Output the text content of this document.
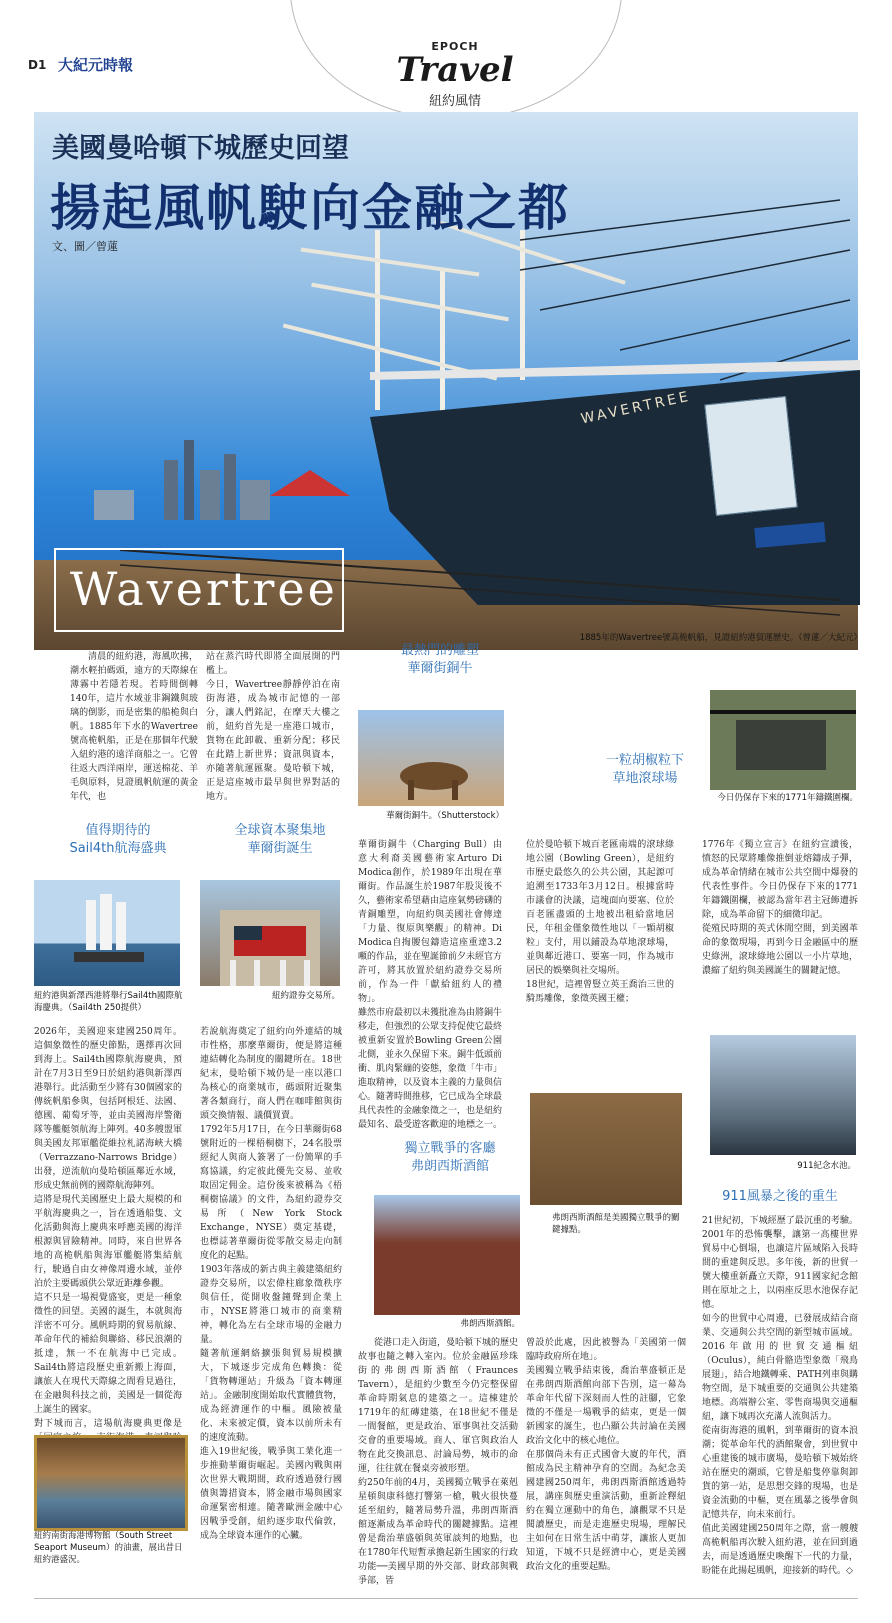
D1 大紀元時報
EPOCH
Travel
紐約風情
WAVERTREE
Wavertree
美國曼哈頓下城歷史回望
揚起風帆駛向金融之都
文、圖／曾蓮
1885年的Wavertree號高桅帆船，見證紐約港貿運歷史。（曾蓮／大紀元）
清晨的紐約港，海風吹拂，潮水輕拍碼頭，遠方的天際線在薄霧中若隱若現。若時間倒轉140年，這片水域並非鋼鐵與玻璃的倒影，而是密集的船桅與白帆。1885年下水的Wavertree號高桅帆船，正是在那個年代駛入紐約港的遠洋商船之一。它曾往返大西洋兩岸，運送棉花、羊毛與原料，見證風帆航運的黃金年代，也
站在蒸汽時代即將全面展開的門檻上。
今日，Wavertree靜靜停泊在南街海港，成為城市記憶的一部分，讓人們銘記，在摩天大樓之前，紐約首先是一座港口城市，貨物在此卸載、重新分配；移民在此踏上新世界；資訊與資本，亦隨著航運匯聚。曼哈頓下城，正是這座城市最早與世界對話的地方。
值得期待的
Sail4th航海盛典
紐約港與新澤西港將舉行Sail4th國際航海慶典。（Sail4th 250提供）
2026年，美國迎來建國250周年。這個象徵性的歷史節點，選擇再次回到海上。Sail4th國際航海慶典，預計在7月3日至9日於紐約港與新澤西港舉行。此活動至少將有30個國家的傳統帆船參與，包括阿根廷、法國、德國、葡萄牙等，並由美國海岸警衛隊等艦艇領航海上陣列。40多艘盟軍與美國友邦軍艦從維拉札諾海峽大橋（Verrazzano-Narrows Bridge）出發，逆流航向曼哈頓區鄰近水域，形成史無前例的國際航海陣列。
這將是現代美國歷史上最大規模的和平航海慶典之一，旨在透過船隻、文化活動與海上慶典來呼應美國的海洋根源與冒險精神。同時，來自世界各地的高桅帆船與海軍艦艇將集結航行，駛過自由女神像周邊水域，並停泊於主要碼頭供公眾近距離參觀。
這不只是一場視覺盛宴，更是一種象徵性的回望。美國的誕生，本就與海洋密不可分。風帆時期的貿易航線、革命年代的補給與聯絡、移民浪潮的抵達，無一不在航海中已完成。Sail4th將這段歷史重新搬上海面，讓旅人在現代天際線之間看見過往，在金融與科技之前，美國是一個從海上誕生的國家。
對下城而言，這場航海慶典更像是
紐約南街海港博物館（South Street Seaport Museum）的油畫，展出昔日紐約港盛況。
全球資本聚集地
華爾街誕生
紐約證券交易所。
若說航海奠定了紐約向外連結的城市性格，那麼華爾街，便是將這種連結轉化為制度的關鍵所在。18世紀末，曼哈頓下城仍是一座以港口為核心的商業城市，碼頭附近聚集著各類商行，商人們在咖啡館與街頭交換情報、議價買賣。
1792年5月17日，在今日華爾街68號附近的一棵梧桐樹下，24名股票經紀人與商人簽署了一份簡單的手寫協議，約定彼此優先交易、並收取固定佣金。這份後來被稱為《梧桐樹協議》的文件，為紐約證券交易所（New York Stock Exchange，NYSE）奠定基礎，也標誌著華爾街從零散交易走向制度化的起點。
1903年落成的新古典主義建築紐約證券交易所，以宏偉柱廊象徵秩序與信任，從開收盤鐘聲到企業上市，NYSE將港口城市的商業精神，轉化為左右全球市場的金融力量。
隨著航運網絡擴張與貿易規模擴大，下城逐步完成角色轉換：從「貨物轉運站」升級為「資本轉運站」。金融制度開始取代實體貨物，成為經濟運作的中樞。風險被量化、未來被定價，資本以前所未有的速度流動。
進入19世紀後，戰爭與工業化進一步推動華爾街崛起。美國內戰與兩次世界大戰期間，政府透過發行國債與籌措資本，將金融市場與國家命運緊密相連。隨著歐洲金融中心因戰爭受創，紐約逐步取代倫敦，成為全球資本運作的心臟。
最熱門的雕塑
華爾街銅牛
華爾街銅牛。（Shutterstock）
華爾街銅牛（Charging Bull）由意大利裔美國藝術家Arturo Di Modica創作，於1989年出現在華爾街。作品誕生於1987年股災後不久，藝術家希望藉由這座氣勢磅礴的青銅雕塑，向紐約與美國社會傳達「力量、復原與樂觀」的精神。Di Modica自掏腰包鑄造這座重達3.2噸的作品，並在聖誕節前夕未經官方許可，將其放置於紐約證券交易所前，作為一件「獻給紐約人的禮物」。
雖然市府最初以未獲批准為由將銅牛移走，但強烈的公眾支持促使它最終被重新安置於Bowling Green公園北側，並永久保留下來。銅牛低頭前衝、肌肉緊繃的姿態，象徵「牛市」進取精神，以及資本主義的力量與信心。隨著時間推移，它已成為全球最具代表性的金融象徵之一，也是紐約最知名、最受遊客歡迎的地標之一。
一粒胡椒粒下
草地滾球場
今日仍保存下來的1771年鑄鐵圍欄。
位於曼哈頓下城百老匯南端的滾球綠地公園（Bowling Green），是紐約市歷史最悠久的公共公園，其起源可追溯至1733年3月12日。根據當時市議會的決議，這塊面向要塞、位於百老匯盡頭的土地被出租給當地居民，年租金僅象徵性地以「一顆胡椒粒」支付，用以鋪設為草地滾球場，並與鄰近港口、要塞一同，作為城市居民的娛樂與社交場所。
18世紀，這裡曾豎立英王喬治三世的騎馬雕像，象徵英國王權；
1776年《獨立宣言》在紐約宣讀後，憤怒的民眾將雕像推倒並熔鑄成子彈，成為革命情緒在城市公共空間中爆發的代表性事件。今日仍保存下來的1771年鑄鐵圍欄，被認為當年君主冠飾遭拆除，成為革命留下的細微印記。
從殖民時期的英式休閒空間，到美國革命的象徵現場，再到今日金融區中的歷史綠洲，滾球綠地公園以一小片草地，濃縮了紐約與美國誕生的關鍵記憶。
獨立戰爭的客廳
弗朗西斯酒館
弗朗西斯酒館。
弗朗西斯酒館是美國獨立戰爭的關鍵據點。
從港口走入街道，曼哈頓下城的歷史故事也隨之轉入室內。位於金融區珍珠街的弗朗西斯酒館（Fraunces Tavern），是紐約少數至今仍完整保留革命時期氣息的建築之一。這棟建於1719年的紅磚建築，在18世紀不僅是一間餐館，更是政治、軍事與社交活動交會的重要場域。商人、軍官與政治人物在此交換訊息、討論局勢，城市的命運，往往就在餐桌旁被形塑。
約250年前的4月，美國獨立戰爭在萊剋星頓與康科德打響第一槍，戰火很快蔓延至紐約，隨著局勢升溫，弗朗西斯酒館逐漸成為革命時代的關鍵據點。這裡曾是喬治華盛頓與英軍談判的地點，也在1780年代短暫承擔起新生國家的行政功能──美國早期的外交部、財政部與戰爭部，皆
曾設於此處，因此被譽為「美國第一個臨時政府所在地」。
美國獨立戰爭結束後，喬治華盛頓正是在弗朗西斯酒館向部下告別，這一幕為革命年代留下深刻而人性的註腳，它象徵的不僅是一場戰爭的結束，更是一個新國家的誕生，也凸顯公共討論在美國政治文化中的核心地位。
在那個尚未有正式國會大廈的年代，酒館成為民主精神孕育的空間。為紀念美國建國250周年，弗朗西斯酒館透過特展，講座與歷史重演活動，重新詮釋紐約在獨立運動中的角色，讓觀眾不只是閱讀歷史，而是走進歷史現場，理解民主如何在日常生活中萌芽，讓旅人更加知道，下城不只是經濟中心，更是美國政治文化的重要起點。
911紀念水池。
911風暴之後的重生
21世紀初，下城經歷了最沉重的考驗。2001年的恐怖襲擊，讓第一高樓世界貿易中心倒塌，也讓這片區域陷入長時間的重建與反思。多年後，新的世貿一號大樓重新矗立天際，911國家紀念館則在原址之上，以兩座反思水池保存記憶。
如今的世貿中心周邊，已發展成結合商業、交通與公共空間的新型城市區域。2016年啟用的世貿交通樞紐（Oculus），純白骨骼造型象徵「飛鳥展翅」，結合地鐵轉乘、PATH列車與購物空間，是下城重要的交通與公共建築地標。高端辦公室、零售商場與交通樞紐，讓下城再次充滿人流與活力。
從南街海港的風帆，到華爾街的資本浪潮；從革命年代的酒館聚會，到世貿中心重建後的城市廣場，曼哈頓下城始終站在歷史的潮頭，它曾是船隻停靠與卸貨的第一站，是思想交鋒的現場，也是資金流動的中樞，更在風暴之後學會與記憶共存，向未來前行。
值此美國建國250周年之際，當一艘艘高桅帆船再次駛入紐約港，並在回到過去，而是透過歷史喚醒下一代的力量，盼能在此揚起風帆，迎接新的時代。◇
